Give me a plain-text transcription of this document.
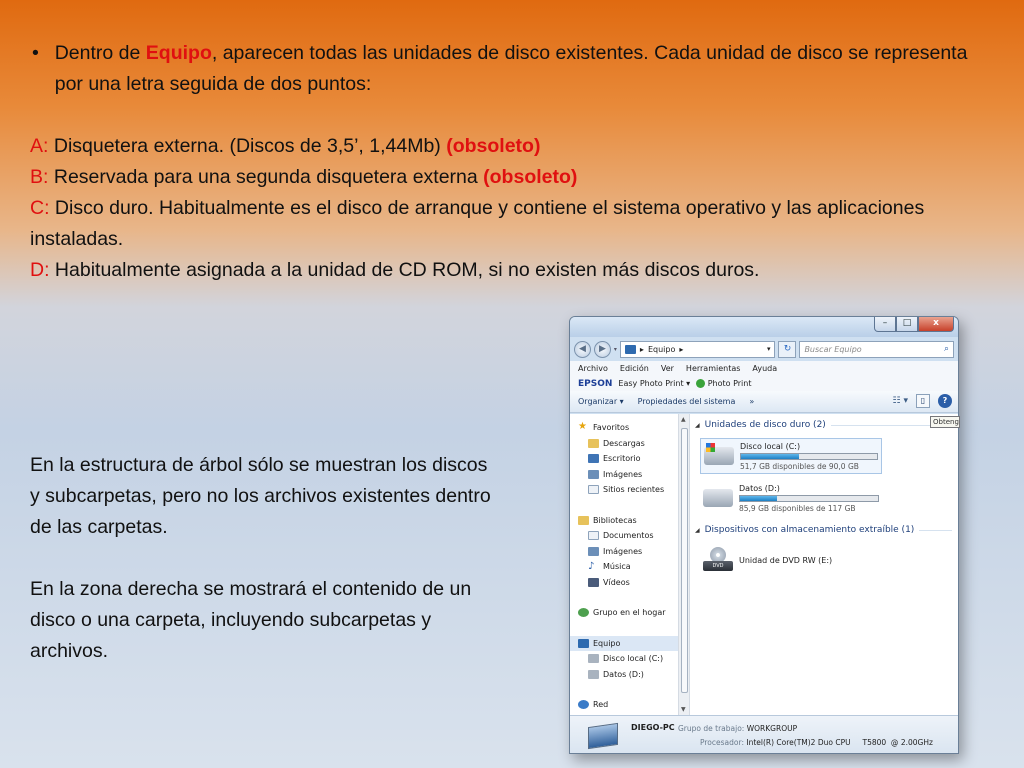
• Dentro de Equipo, aparecen todas las unidades de disco existentes. Cada unidad de disco se representa por una letra seguida de dos puntos:
A: Disquetera externa. (Discos de 3,5’, 1,44Mb) (obsoleto)
B: Reservada para una segunda disquetera externa (obsoleto)
C: Disco duro. Habitualmente es el disco de arranque y contiene el sistema operativo y las aplicaciones instaladas.
D: Habitualmente asignada a la unidad de CD ROM, si no existen más discos duros.

En la estructura de árbol sólo se muestran los discos y subcarpetas, pero no los archivos existentes dentro de las carpetas.

En la zona derecha se mostrará el contenido de un disco o una carpeta, incluyendo subcarpetas y archivos.

–	□	x
◀	▶	▾	▸ Equipo ▸	▾	↻	Buscar Equipo	⌕
Archivo Edición Ver Herramientas Ayuda
EPSON Easy Photo Print ▾	Photo Print
Organizar ▾ Propiedades del sistema »	☷ ▾	▯	?
★ Favoritos
Descargas
Escritorio
Imágenes
Sitios recientes
Bibliotecas
Documentos
Imágenes
♪	Música
Vídeos
Grupo en el hogar
Equipo
Disco local (C:)
Datos (D:)
Red
▲
▼
◢ Unidades de disco duro (2)
Disco local (C:)
51,7 GB disponibles de 90,0 GB
Datos (D:)
85,9 GB disponibles de 117 GB
◢ Dispositivos con almacenamiento extraíble (1)
DVD
Unidad de DVD RW (E:)
DIEGO-PC Grupo de trabajo: WORKGROUP
Procesador: Intel(R) Core(TM)2 Duo CPU     T5800  @ 2.00GHz
Obteng
